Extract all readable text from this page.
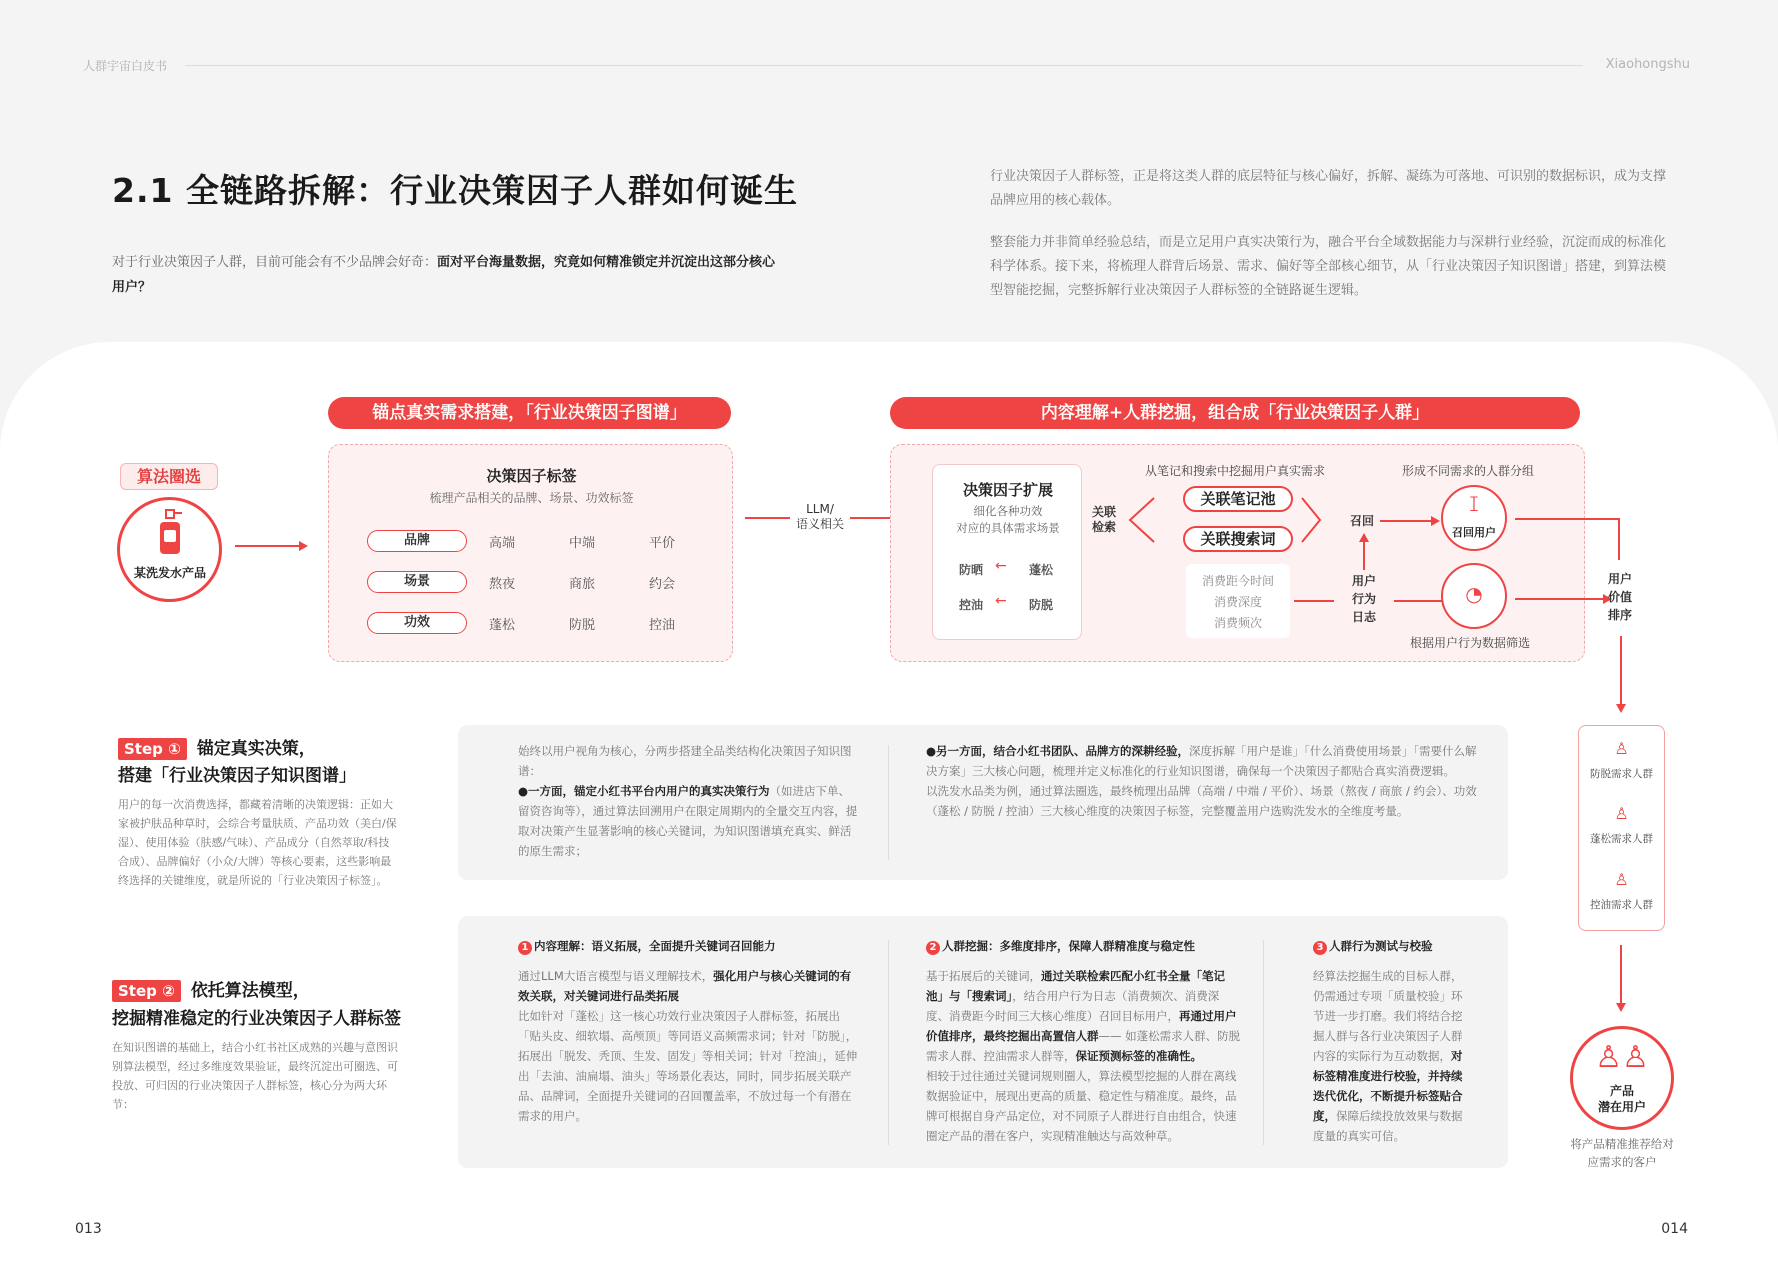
人群宇宙白皮书	Xiaohongshu
2.1 全链路拆解：行业决策因子人群如何诞生
对于行业决策因子人群，目前可能会有不少品牌会好奇：面对平台海量数据，究竟如何精准锁定并沉淀出这部分核心用户？
行业决策因子人群标签，正是将这类人群的底层特征与核心偏好，拆解、凝练为可落地、可识别的数据标识，成为支撑品牌应用的核心载体。
整套能力并非简单经验总结，而是立足用户真实决策行为，融合平台全域数据能力与深耕行业经验，沉淀而成的标准化科学体系。接下来，将梳理人群背后场景、需求、偏好等全部核心细节，从「行业决策因子知识图谱」搭建，到算法模型智能挖掘，完整拆解行业决策因子人群标签的全链路诞生逻辑。
锚点真实需求搭建，「行业决策因子图谱」	内容理解+人群挖掘，组合成「行业决策因子人群」
算法圈选
某洗发水产品
决策因子标签
梳理产品相关的品牌、场景、功效标签
品牌	高端	中端	平价
场景	熬夜	商旅	约会
功效	蓬松	防脱	控油
LLM/
语义相关
决策因子扩展
细化各种功效
对应的具体需求场景
防晒 ← 蓬松
控油 ← 防脱
关联
检索
从笔记和搜索中挖掘用户真实需求
关联笔记池
关联搜索词
消费距今时间
消费深度
消费频次
召回
用户
行为
日志
形成不同需求的人群分组
ꕯ
召回用户
◔
根据用户行为数据筛选
用户
价值
排序
♙
防脱需求人群
♙
蓬松需求人群
♙
控油需求人群
♙♙
产品
潜在用户
将产品精准推荐给对应需求的客户
Step ① 锚定真实决策，
搭建「行业决策因子知识图谱」
用户的每一次消费选择，都藏着清晰的决策逻辑：正如大家被护肤品种草时，会综合考量肤质、产品功效（美白/保湿）、使用体验（肤感/气味）、产品成分（自然萃取/科技合成）、品牌偏好（小众/大牌）等核心要素，这些影响最终选择的关键维度，就是所说的「行业决策因子标签」。
始终以用户视角为核心，分两步搭建全品类结构化决策因子知识图谱：
●一方面，锚定小红书平台内用户的真实决策行为（如进店下单、留资咨询等），通过算法回溯用户在限定周期内的全量交互内容，提取对决策产生显著影响的核心关键词，为知识图谱填充真实、鲜活的原生需求；
●另一方面，结合小红书团队、品牌方的深耕经验，深度拆解「用户是谁」「什么消费使用场景」「需要什么解决方案」三大核心问题，梳理并定义标准化的行业知识图谱，确保每一个决策因子都贴合真实消费逻辑。
以洗发水品类为例，通过算法圈选，最终梳理出品牌（高端 / 中端 / 平价）、场景（熬夜 / 商旅 / 约会）、功效（蓬松 / 防脱 / 控油）三大核心维度的决策因子标签，完整覆盖用户选购洗发水的全维度考量。
Step ② 依托算法模型，
挖掘精准稳定的行业决策因子人群标签
在知识图谱的基础上，结合小红书社区成熟的兴趣与意图识别算法模型，经过多维度效果验证，最终沉淀出可圈选、可投放、可归因的行业决策因子人群标签，核心分为两大环节：
1 内容理解：语义拓展，全面提升关键词召回能力
通过LLM大语言模型与语义理解技术，强化用户与核心关键词的有效关联，对关键词进行品类拓展
比如针对「蓬松」这一核心功效行业决策因子人群标签，拓展出「贴头皮、细软塌、高颅顶」等同语义高频需求词；针对「防脱」，拓展出「脱发、秃顶、生发、固发」等相关词；针对「控油」，延伸出「去油、油扁塌、油头」等场景化表达，同时，同步拓展关联产品、品牌词，全面提升关键词的召回覆盖率，不放过每一个有潜在需求的用户。
2 人群挖掘：多维度排序，保障人群精准度与稳定性
基于拓展后的关键词，通过关联检索匹配小红书全量「笔记池」与「搜索词」，结合用户行为日志（消费频次、消费深度、消费距今时间三大核心维度）召回目标用户，再通过用户价值排序，最终挖掘出高置信人群—— 如蓬松需求人群、防脱需求人群、控油需求人群等，保证预测标签的准确性。
相较于过往通过关键词规则圈人，算法模型挖掘的人群在离线数据验证中，展现出更高的质量、稳定性与精准度。最终，品牌可根据自身产品定位，对不同原子人群进行自由组合，快速圈定产品的潜在客户，实现精准触达与高效种草。
3 人群行为测试与校验
经算法挖掘生成的目标人群，仍需通过专项「质量校验」环节进一步打磨。我们将结合挖掘人群与各行业决策因子人群内容的实际行为互动数据，对标签精准度进行校验，并持续迭代优化，不断提升标签贴合度，保障后续投放效果与数据度量的真实可信。
013	014
